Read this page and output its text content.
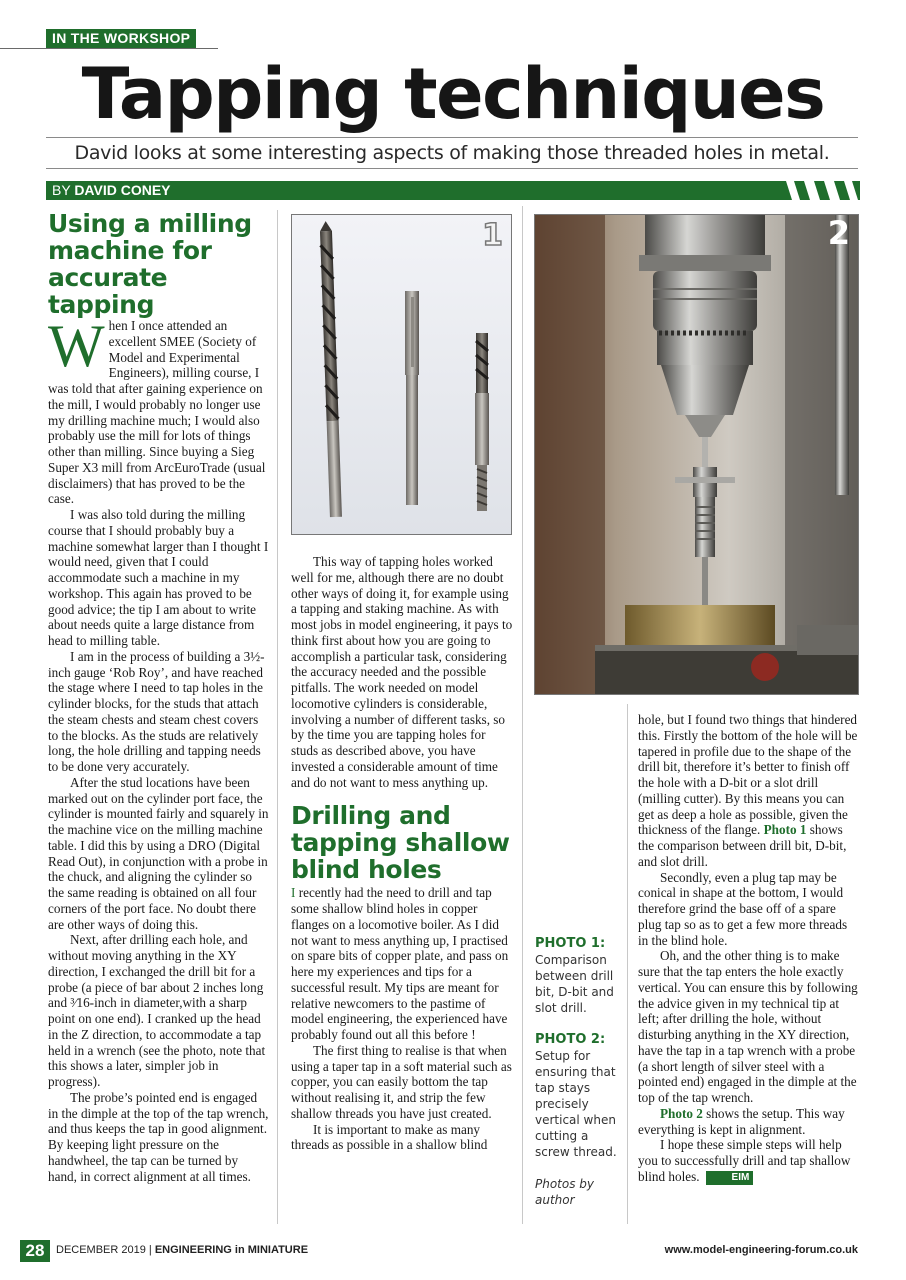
IN THE WORKSHOP
Tapping techniques
David looks at some interesting aspects of making those threaded holes in metal.
BY DAVID CONEY
Using a milling machine for accurate tapping

When I once attended an excellent SMEE (Society of Model and Experimental Engineers), milling course, I was told that after gaining experience on the mill, I would probably no longer use my drilling machine much; I would also probably use the mill for lots of things other than milling. Since buying a Sieg Super X3 mill from ArcEuroTrade (usual disclaimers) that has proved to be the case.

I was also told during the milling course that I should probably buy a machine somewhat larger than I thought I would need, given that I could accommodate such a machine in my workshop. This again has proved to be good advice; the tip I am about to write about needs quite a large distance from head to milling table.

I am in the process of building a 3½-inch gauge ‘Rob Roy’, and have reached the stage where I need to tap holes in the cylinder blocks, for the studs that attach the steam chests and steam chest covers to the blocks. As the studs are relatively long, the hole drilling and tapping needs to be done very accurately.

After the stud locations have been marked out on the cylinder port face, the cylinder is mounted fairly and squarely in the machine vice on the milling machine table. I did this by using a DRO (Digital Read Out), in conjunction with a probe in the chuck, and aligning the cylinder so the same reading is obtained on all four corners of the port face. No doubt there are other ways of doing this.

Next, after drilling each hole, and without moving anything in the XY direction, I exchanged the drill bit for a probe (a piece of bar about 2 inches long and ³⁄16-inch in diameter,with a sharp point on one end). I cranked up the head in the Z direction, to accommodate a tap held in a wrench (see the photo, note that this shows a later, simpler job in progress).

The probe’s pointed end is engaged in the dimple at the top of the tap wrench, and thus keeps the tap in good alignment. By keeping light pressure on the handwheel, the tap can be turned by hand, in correct alignment at all times.

1

This way of tapping holes worked well for me, although there are no doubt other ways of doing it, for example using a tapping and staking machine. As with most jobs in model engineering, it pays to think first about how you are going to accomplish a particular task, considering the accuracy needed and the possible pitfalls. The work needed on model locomotive cylinders is considerable, involving a number of different tasks, so by the time you are tapping holes for studs as described above, you have invested a considerable amount of time and do not want to mess anything up.

Drilling and tapping shallow blind holes

I recently had the need to drill and tap some shallow blind holes in copper flanges on a locomotive boiler. As I did not want to mess anything up, I practised on spare bits of copper plate, and pass on here my experiences and tips for a successful result. My tips are meant for relative newcomers to the pastime of model engineering, the experienced have probably found out all this before !

The first thing to realise is that when using a taper tap in a soft material such as copper, you can easily bottom the tap without realising it, and strip the few shallow threads you have just created.

It is important to make as many threads as possible in a shallow blind

2
PHOTO 1:
Comparison between drill bit, D-bit and slot drill.
PHOTO 2:
Setup for ensuring that tap stays precisely vertical when cutting a screw thread.
Photos by author

hole, but I found two things that hindered this. Firstly the bottom of the hole will be tapered in profile due to the shape of the drill bit, therefore it’s better to finish off the hole with a D-bit or a slot drill (milling cutter). By this means you can get as deep a hole as possible, given the thickness of the flange. Photo 1 shows the comparison between drill bit, D-bit, and slot drill.

Secondly, even a plug tap may be conical in shape at the bottom, I would therefore grind the base off of a spare plug tap so as to get a few more threads in the blind hole.

Oh, and the other thing is to make sure that the tap enters the hole exactly vertical. You can ensure this by following the advice given in my technical tip at left; after drilling the hole, without disturbing anything in the XY direction, have the tap in a tap wrench with a probe (a short length of silver steel with a pointed end) engaged in the dimple at the top of the tap wrench.

Photo 2 shows the setup. This way everything is kept in alignment.

I hope these simple steps will help you to successfully drill and tap shallow blind holes.	EIM

28	DECEMBER 2019 | ENGINEERING in MINIATURE	www.model-engineering-forum.co.uk
